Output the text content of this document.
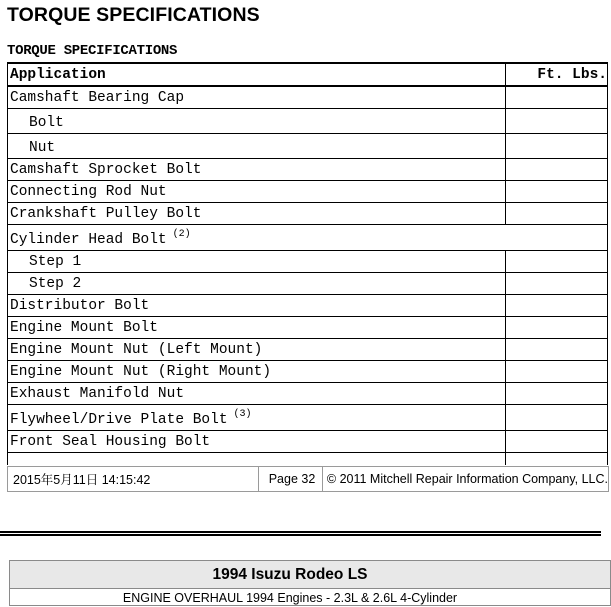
TORQUE SPECIFICATIONS
TORQUE SPECIFICATIONS
Application	Ft. Lbs.
Camshaft Bearing Cap	
Bolt	
Nut	
Camshaft Sprocket Bolt	
Connecting Rod Nut	
Crankshaft Pulley Bolt	
Cylinder Head Bolt $^{(2)}$
Step 1	
Step 2	
Distributor Bolt	
Engine Mount Bolt	
Engine Mount Nut (Left Mount)	
Engine Mount Nut (Right Mount)	
Exhaust Manifold Nut	
Flywheel/Drive Plate Bolt $^{(3)}$	
Front Seal Housing Bolt	

2015年5月11日 14:15:42	Page 32 © 2011 Mitchell Repair Information Company, LLC.
1994 Isuzu Rodeo LS
ENGINE OVERHAUL 1994 Engines - 2.3L & 2.6L 4-Cylinder
